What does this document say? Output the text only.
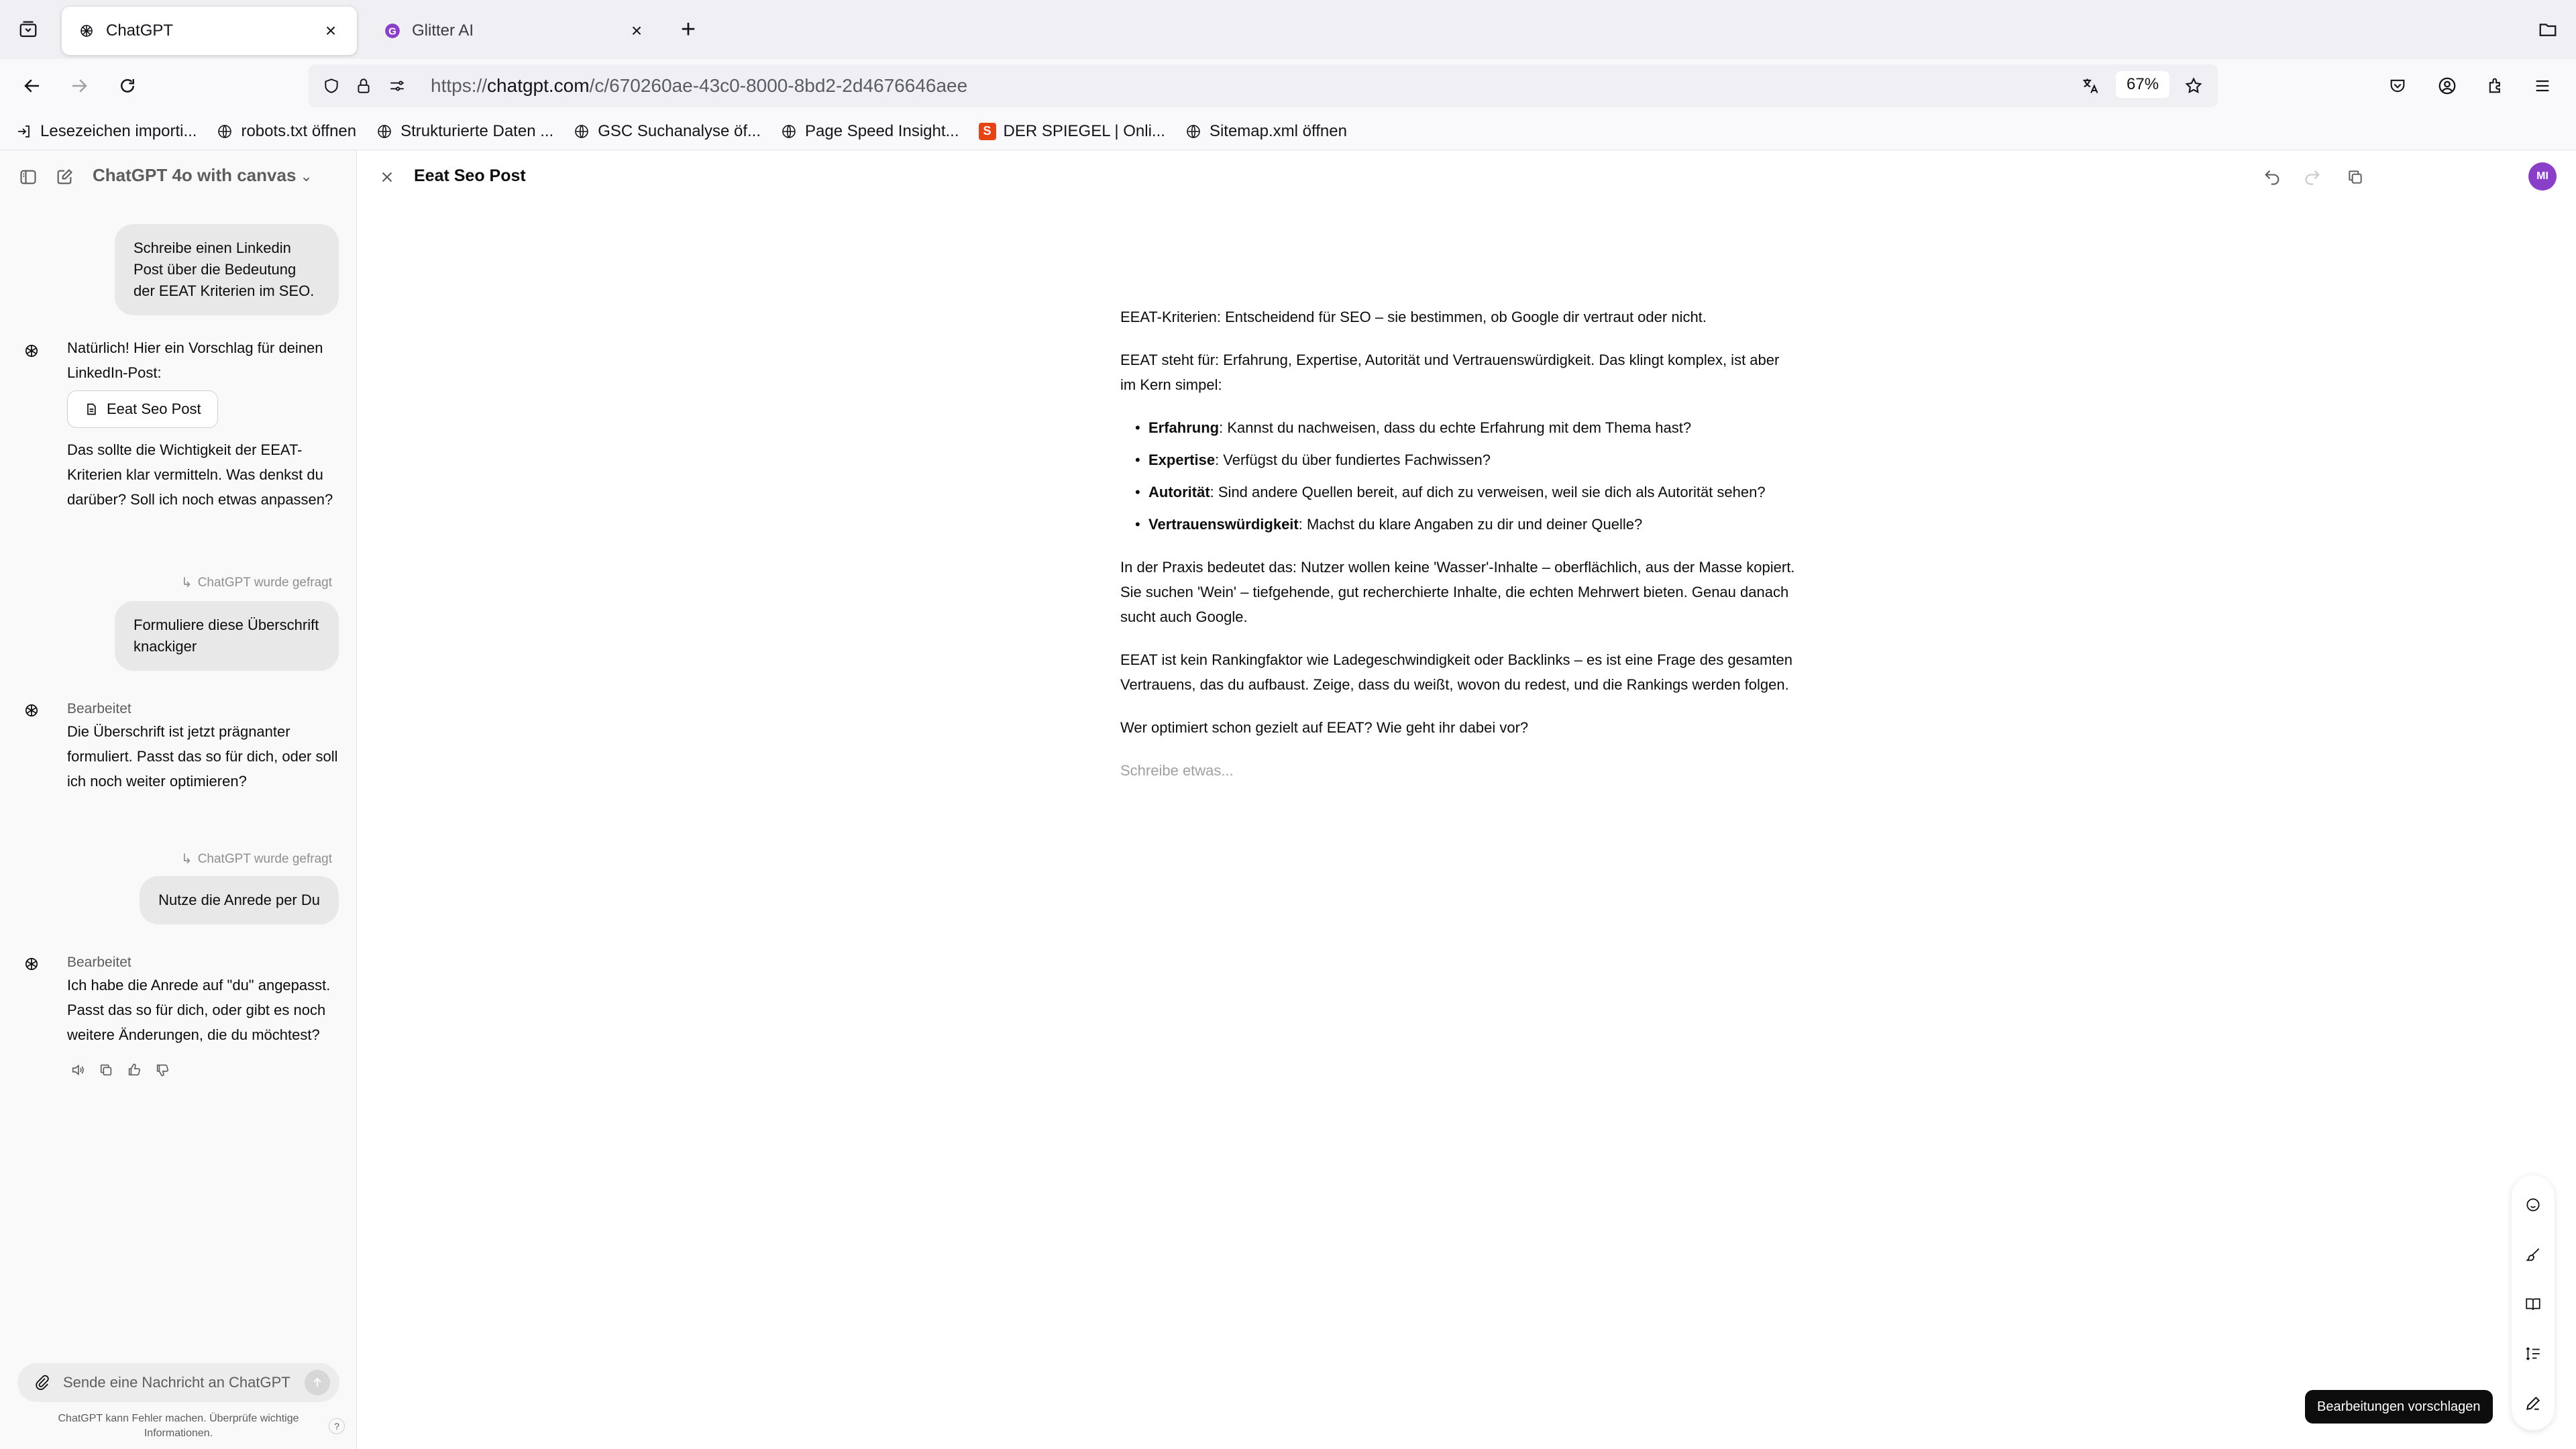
ChatGPT	×	G Glitter AI	× +
https://chatgpt.com/c/670260ae-43c0-8000-8bd2-2d4676646aee	67%
Lesezeichen importi...	robots.txt öffnen	Strukturierte Daten ...	GSC Suchanalyse öf...	Page Speed Insight...	S DER SPIEGEL | Onli...	Sitemap.xml öffnen
ChatGPT 4o with canvas ⌄
Schreibe einen Linkedin Post über die Bedeutung der EEAT Kriterien im SEO.
Natürlich! Hier ein Vorschlag für deinen LinkedIn-Post:
Eeat Seo Post
Das sollte die Wichtigkeit der EEAT-Kriterien klar vermitteln. Was denkst du darüber? Soll ich noch etwas anpassen?
↳ ChatGPT wurde gefragt
Formuliere diese Überschrift knackiger
Bearbeitet
Die Überschrift ist jetzt prägnanter formuliert. Passt das so für dich, oder soll ich noch weiter optimieren?
↳ ChatGPT wurde gefragt
Nutze die Anrede per Du
Bearbeitet
Ich habe die Anrede auf "du" angepasst. Passt das so für dich, oder gibt es noch weitere Änderungen, die du möchtest?
Sende eine Nachricht an ChatGPT
ChatGPT kann Fehler machen. Überprüfe wichtige Informationen.
?
Eeat Seo Post	MI

EEAT-Kriterien: Entscheidend für SEO – sie bestimmen, ob Google dir vertraut oder nicht.

EEAT steht für: Erfahrung, Expertise, Autorität und Vertrauenswürdigkeit. Das klingt komplex, ist aber im Kern simpel:

• Erfahrung: Kannst du nachweisen, dass du echte Erfahrung mit dem Thema hast?
• Expertise: Verfügst du über fundiertes Fachwissen?
• Autorität: Sind andere Quellen bereit, auf dich zu verweisen, weil sie dich als Autorität sehen?
• Vertrauenswürdigkeit: Machst du klare Angaben zu dir und deiner Quelle?

In der Praxis bedeutet das: Nutzer wollen keine 'Wasser'-Inhalte – oberflächlich, aus der Masse kopiert. Sie suchen 'Wein' – tiefgehende, gut recherchierte Inhalte, die echten Mehrwert bieten. Genau danach sucht auch Google.

EEAT ist kein Rankingfaktor wie Ladegeschwindigkeit oder Backlinks – es ist eine Frage des gesamten Vertrauens, das du aufbaust. Zeige, dass du weißt, wovon du redest, und die Rankings werden folgen.

Wer optimiert schon gezielt auf EEAT? Wie geht ihr dabei vor?

Schreibe etwas...

Bearbeitungen vorschlagen
